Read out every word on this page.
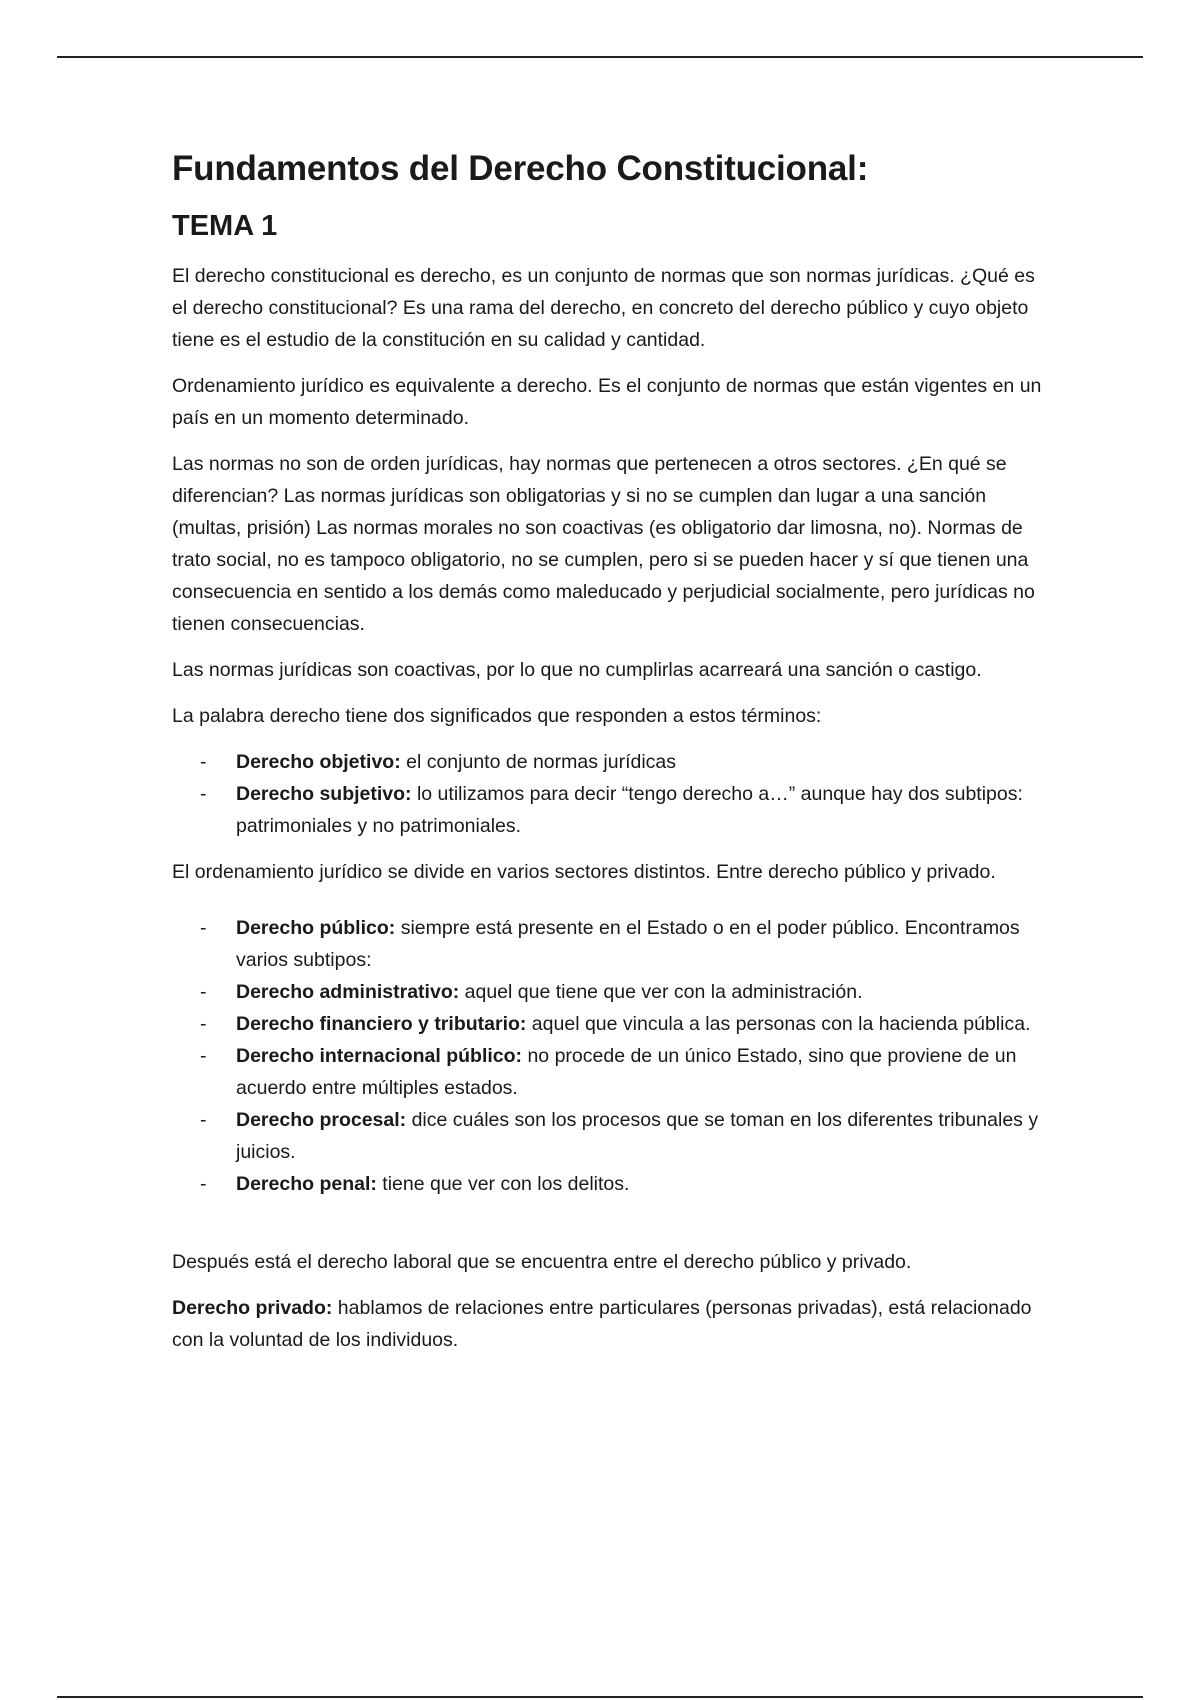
Fundamentos del Derecho Constitucional:
TEMA 1

El derecho constitucional es derecho, es un conjunto de normas que son normas jurídicas. ¿Qué es el derecho constitucional? Es una rama del derecho, en concreto del derecho público y cuyo objeto tiene es el estudio de la constitución en su calidad y cantidad.

Ordenamiento jurídico es equivalente a derecho. Es el conjunto de normas que están vigentes en un país en un momento determinado.

Las normas no son de orden jurídicas, hay normas que pertenecen a otros sectores. ¿En qué se diferencian? Las normas jurídicas son obligatorias y si no se cumplen dan lugar a una sanción (multas, prisión) Las normas morales no son coactivas (es obligatorio dar limosna, no). Normas de trato social, no es tampoco obligatorio, no se cumplen, pero si se pueden hacer y sí que tienen una consecuencia en sentido a los demás como maleducado y perjudicial socialmente, pero jurídicas no tienen consecuencias.

Las normas jurídicas son coactivas, por lo que no cumplirlas acarreará una sanción o castigo.

La palabra derecho tiene dos significados que responden a estos términos:

- Derecho objetivo: el conjunto de normas jurídicas
- Derecho subjetivo: lo utilizamos para decir “tengo derecho a…” aunque hay dos subtipos: patrimoniales y no patrimoniales.

El ordenamiento jurídico se divide en varios sectores distintos. Entre derecho público y privado.

- Derecho público: siempre está presente en el Estado o en el poder público. Encontramos varios subtipos:
- Derecho administrativo: aquel que tiene que ver con la administración.
- Derecho financiero y tributario: aquel que vincula a las personas con la hacienda pública.
- Derecho internacional público: no procede de un único Estado, sino que proviene de un acuerdo entre múltiples estados.
- Derecho procesal: dice cuáles son los procesos que se toman en los diferentes tribunales y juicios.
- Derecho penal: tiene que ver con los delitos.

Después está el derecho laboral que se encuentra entre el derecho público y privado.

Derecho privado: hablamos de relaciones entre particulares (personas privadas), está relacionado con la voluntad de los individuos.
